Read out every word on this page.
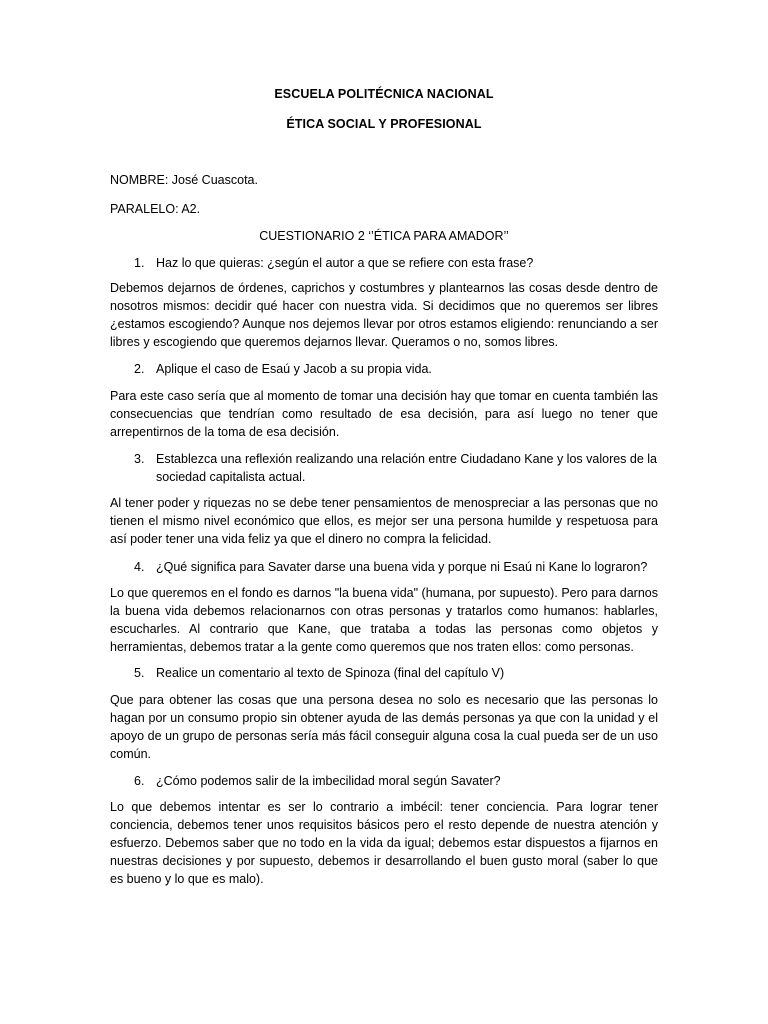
ESCUELA POLITÉCNICA NACIONAL
ÉTICA SOCIAL Y PROFESIONAL
NOMBRE: José Cuascota.
PARALELO: A2.
CUESTIONARIO 2 ‘’ÉTICA PARA AMADOR’’
1. Haz lo que quieras: ¿según el autor a que se refiere con esta frase?
Debemos dejarnos de órdenes, caprichos y costumbres y plantearnos las cosas desde dentro de nosotros mismos: decidir qué hacer con nuestra vida. Si decidimos que no queremos ser libres ¿estamos escogiendo? Aunque nos dejemos llevar por otros estamos eligiendo: renunciando a ser libres y escogiendo que queremos dejarnos llevar. Queramos o no, somos libres.
2. Aplique el caso de Esaú y Jacob a su propia vida.
Para este caso sería que al momento de tomar una decisión hay que tomar en cuenta también las consecuencias que tendrían como resultado de esa decisión, para así luego no tener que arrepentirnos de la toma de esa decisión.
3. Establezca una reflexión realizando una relación entre Ciudadano Kane y los valores de la sociedad capitalista actual.
Al tener poder y riquezas no se debe tener pensamientos de menospreciar a las personas que no tienen el mismo nivel económico que ellos, es mejor ser una persona humilde y respetuosa para así poder tener una vida feliz ya que el dinero no compra la felicidad.
4. ¿Qué significa para Savater darse una buena vida y porque ni Esaú ni Kane lo lograron?
Lo que queremos en el fondo es darnos "la buena vida" (humana, por supuesto). Pero para darnos la buena vida debemos relacionarnos con otras personas y tratarlos como humanos: hablarles, escucharles. Al contrario que Kane, que trataba a todas las personas como objetos y herramientas, debemos tratar a la gente como queremos que nos traten ellos: como personas.
5. Realice un comentario al texto de Spinoza (final del capítulo V)
Que para obtener las cosas que una persona desea no solo es necesario que las personas lo hagan por un consumo propio sin obtener ayuda de las demás personas ya que con la unidad y el apoyo de un grupo de personas sería más fácil conseguir alguna cosa la cual pueda ser de un uso común.
6. ¿Cómo podemos salir de la imbecilidad moral según Savater?
Lo que debemos intentar es ser lo contrario a imbécil: tener conciencia. Para lograr tener conciencia, debemos tener unos requisitos básicos pero el resto depende de nuestra atención y esfuerzo. Debemos saber que no todo en la vida da igual; debemos estar dispuestos a fijarnos en nuestras decisiones y por supuesto, debemos ir desarrollando el buen gusto moral (saber lo que es bueno y lo que es malo).
